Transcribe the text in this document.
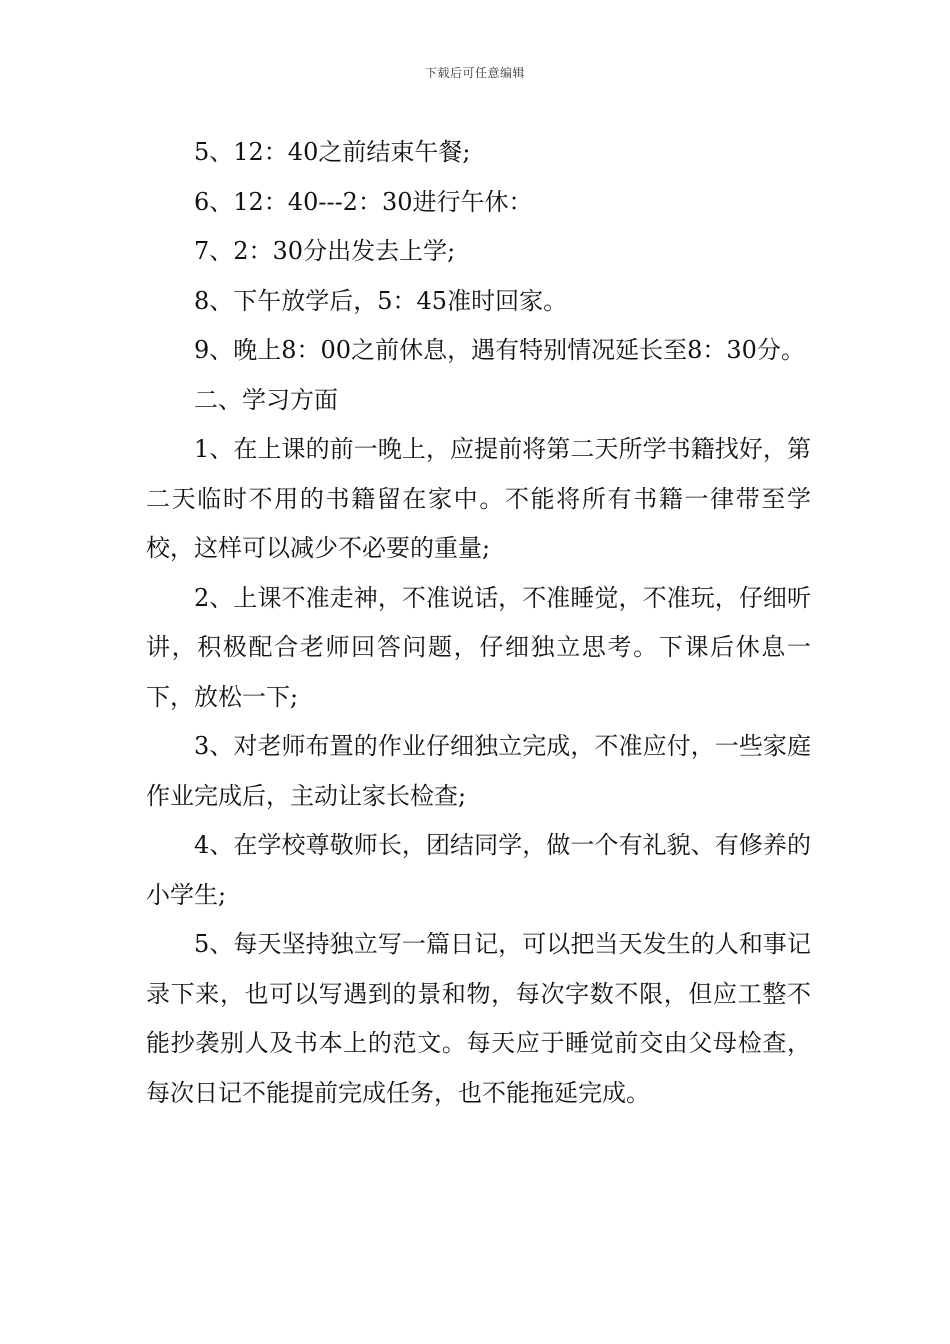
下载后可任意编辑

5、12：40之前结束午餐;

6、12：40---2：30进行午休：

7、2：30分出发去上学;

8、下午放学后，5：45准时回家。

9、晚上8：00之前休息，遇有特别情况延长至8：30分。

二、学习方面

1、在上课的前一晚上，应提前将第二天所学书籍找好，第二天临时不用的书籍留在家中。不能将所有书籍一律带至学校，这样可以减少不必要的重量;

2、上课不准走神，不准说话，不准睡觉，不准玩，仔细听讲，积极配合老师回答问题，仔细独立思考。下课后休息一下，放松一下;

3、对老师布置的作业仔细独立完成，不准应付，一些家庭作业完成后，主动让家长检查;

4、在学校尊敬师长，团结同学，做一个有礼貌、有修养的小学生;

5、每天坚持独立写一篇日记，可以把当天发生的人和事记录下来，也可以写遇到的景和物，每次字数不限，但应工整不能抄袭别人及书本上的范文。每天应于睡觉前交由父母检查，每次日记不能提前完成任务，也不能拖延完成。
